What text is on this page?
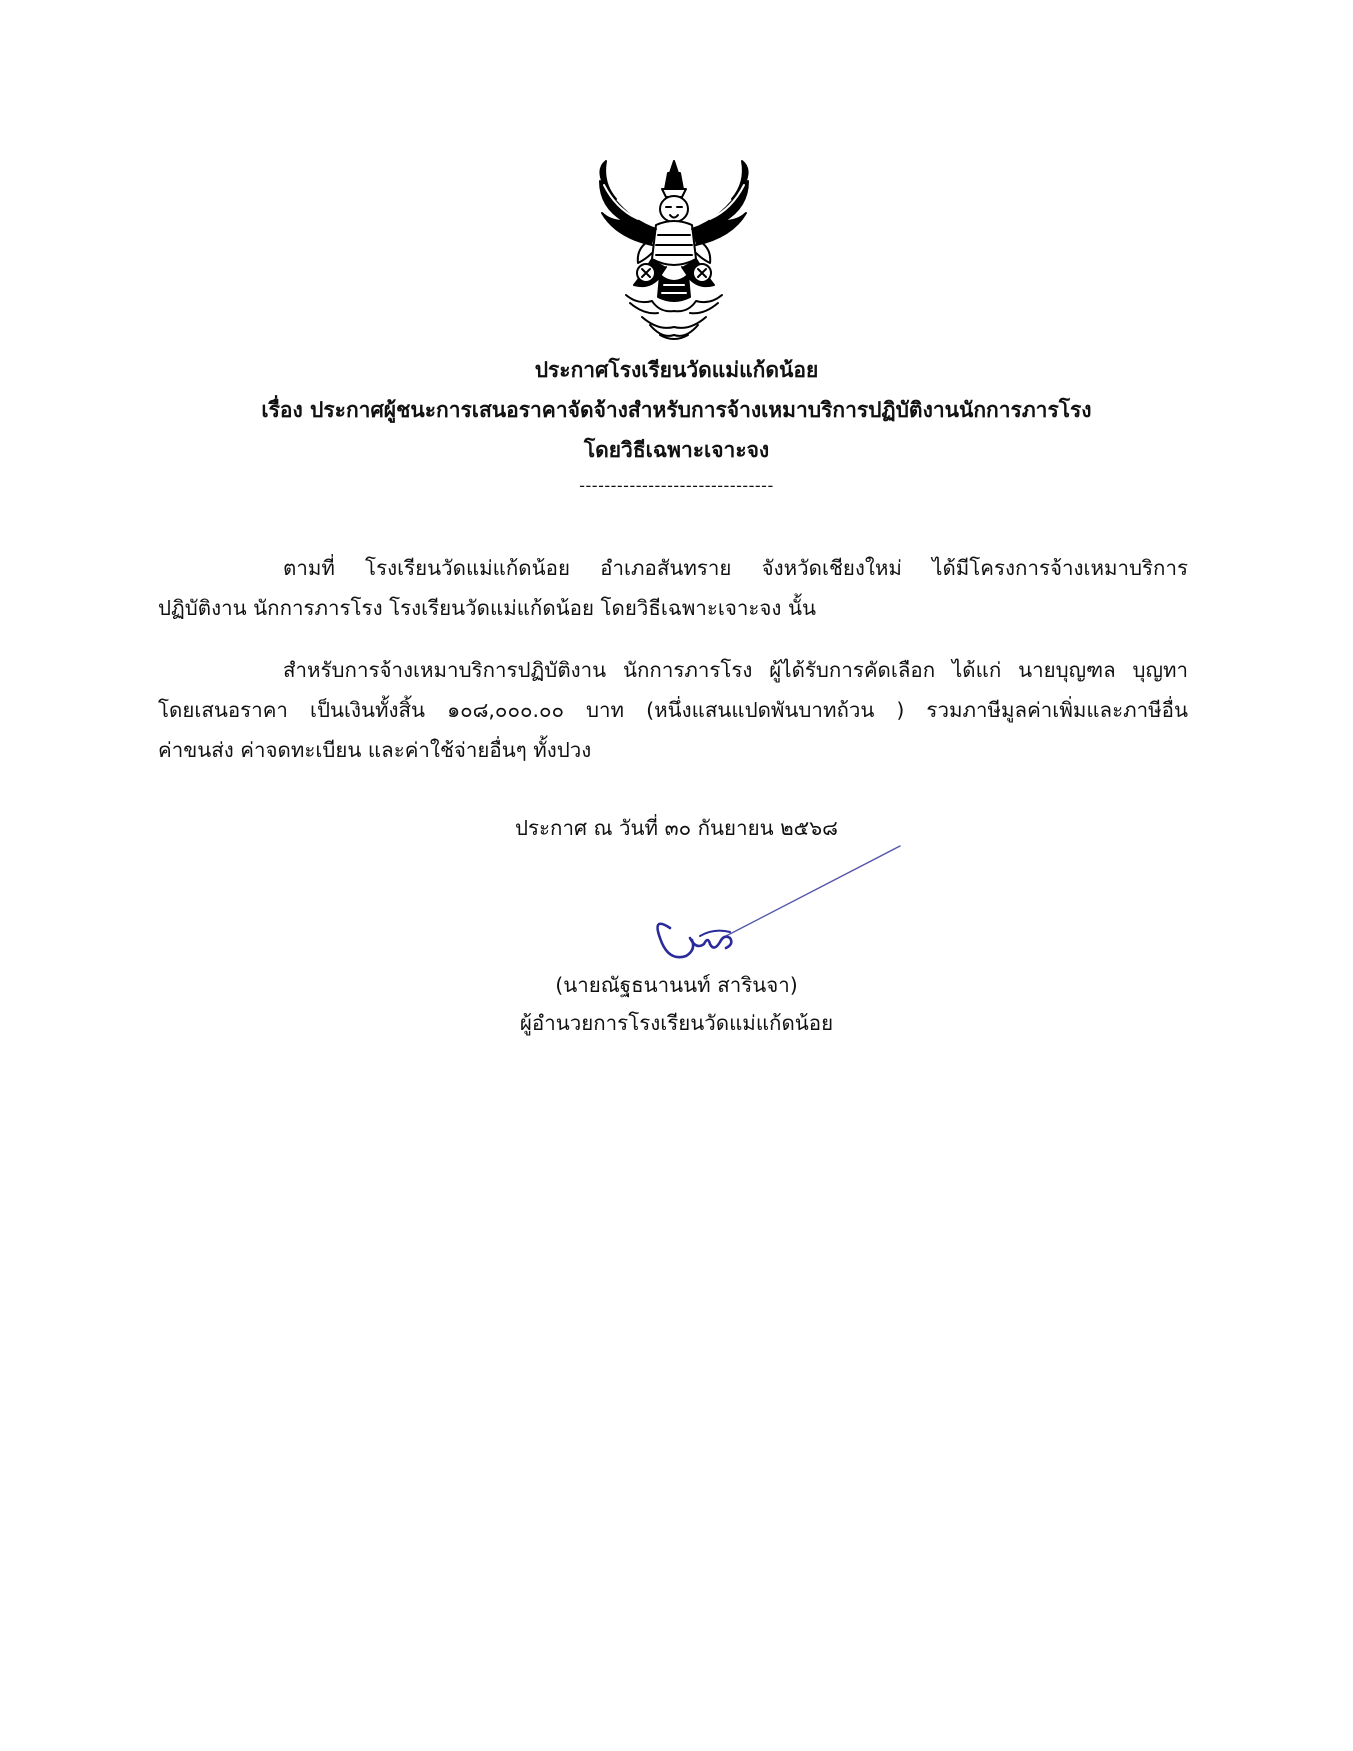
ประกาศโรงเรียนวัดแม่แก้ดน้อย
เรื่อง ประกาศผู้ชนะการเสนอราคาจัดจ้างสำหรับการจ้างเหมาบริการปฏิบัติงานนักการภารโรง
โดยวิธีเฉพาะเจาะจง
-------------------------------
ตามที่ โรงเรียนวัดแม่แก้ดน้อย อำเภอสันทราย จังหวัดเชียงใหม่ ได้มีโครงการจ้างเหมาบริการ
ปฏิบัติงาน นักการภารโรง โรงเรียนวัดแม่แก้ดน้อย โดยวิธีเฉพาะเจาะจง นั้น
สำหรับการจ้างเหมาบริการปฏิบัติงาน นักการภารโรง ผู้ได้รับการคัดเลือก ได้แก่ นายบุญฑล บุญทา
โดยเสนอราคา เป็นเงินทั้งสิ้น ๑๐๘,๐๐๐.๐๐ บาท (หนึ่งแสนแปดพันบาทถ้วน ) รวมภาษีมูลค่าเพิ่มและภาษีอื่น
ค่าขนส่ง ค่าจดทะเบียน และค่าใช้จ่ายอื่นๆ ทั้งปวง
ประกาศ ณ วันที่ ๓๐ กันยายน ๒๕๖๘
(นายณัฐธนานนท์ สารินจา)
ผู้อำนวยการโรงเรียนวัดแม่แก้ดน้อย
